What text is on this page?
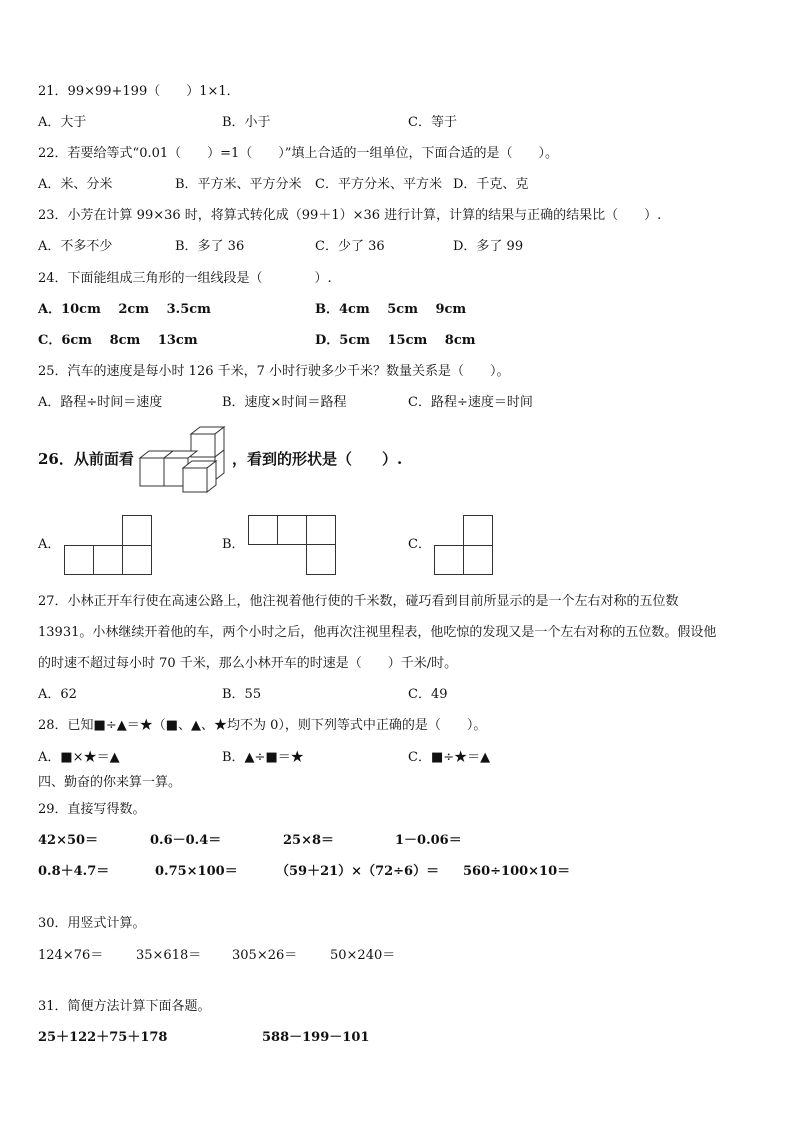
21．99×99+199（　　）1×1．
A．大于	B．小于	C．等于
22．若要给等式“0.01（　　）=1（　　）”填上合适的一组单位，下面合适的是（　　）。
A．米、分米	B．平方米、平方分米 C．平方分米、平方米 D．千克、克
23．小芳在计算 99×36 时，将算式转化成（99＋1）×36 进行计算，计算的结果与正确的结果比（　　）.
A．不多不少	B．多了 36	C．少了 36	D．多了 99
24．下面能组成三角形的一组线段是（　　　　）.
A．10cm　 2cm　 3.5cm	B．4cm　 5cm　 9cm
C．6cm　 8cm　 13cm	D．5cm　 15cm　 8cm
25．汽车的速度是每小时 126 千米，7 小时行驶多少千米？数量关系是（　　）。
A．路程÷时间＝速度	B．速度×时间＝路程	C．路程÷速度＝时间
26．从前面看	，看到的形状是（　　）.
A．	B．	C．
27．小林正开车行使在高速公路上，他注视着他行使的千米数，碰巧看到目前所显示的是一个左右对称的五位数
13931。小林继续开着他的车，两个小时之后，他再次注视里程表，他吃惊的发现又是一个左右对称的五位数。假设他
的时速不超过每小时 70 千米，那么小林开车的时速是（　　）千米/时。
A．62	B．55	C．49
28．已知■÷▲＝★（■、▲、★均不为 0），则下列等式中正确的是（　　）。
A．■×★＝▲	B．▲÷■＝★	C．■÷★＝▲
四、勤奋的你来算一算。
29．直接写得数。
42×50＝	0.6－0.4＝	25×8＝	1－0.06＝
0.8＋4.7＝	0.75×100＝	（59＋21）×（72÷6）＝ 560÷100×10＝
30．用竖式计算。
124×76＝	35×618＝ 305×26＝	50×240＝
31．简便方法计算下面各题。
25＋122＋75＋178	588－199－101
